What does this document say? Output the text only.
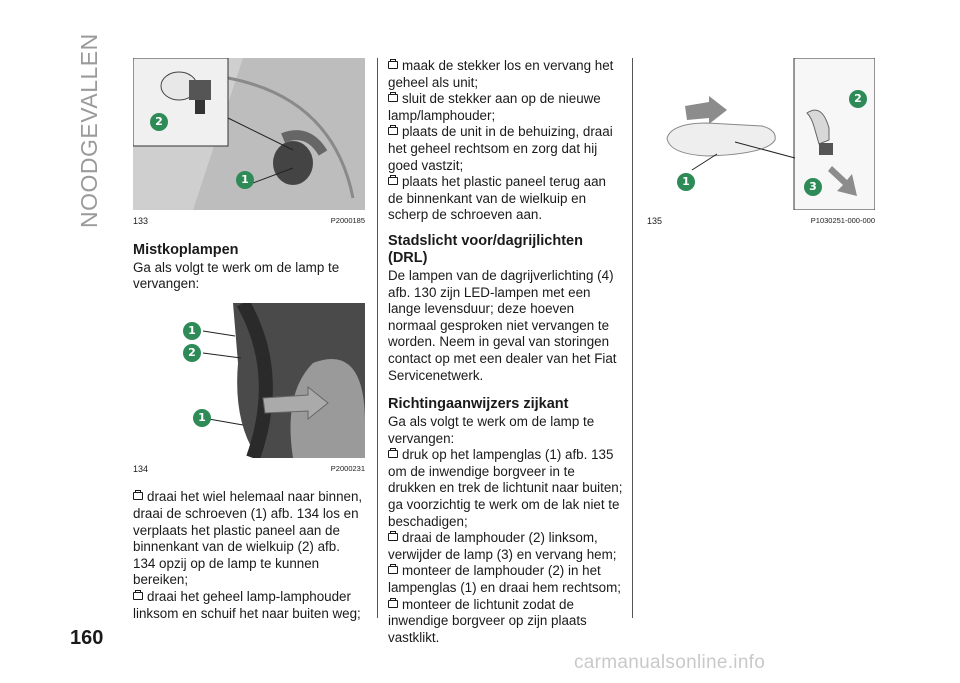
NOODGEVALLEN
160
2
1
133	P2000185
Mistkoplampen

Ga als volgt te werk om de lamp te vervangen:

1
2
1
134	P2000231

draai het wiel helemaal naar binnen, draai de schroeven (1) afb. 134 los en verplaats het plastic paneel aan de binnenkant van de wielkuip (2) afb. 134 opzij op de lamp te kunnen bereiken;

draai het geheel lamp-lamphouder linksom en schuif het naar buiten weg;

maak de stekker los en vervang het geheel als unit;

sluit de stekker aan op de nieuwe lamp/lamphouder;

plaats de unit in de behuizing, draai het geheel rechtsom en zorg dat hij goed vastzit;

plaats het plastic paneel terug aan de binnenkant van de wielkuip en scherp de schroeven aan.

Stadslicht voor/dagrijlichten (DRL)

De lampen van de dagrijverlichting (4) afb. 130 zijn LED-lampen met een lange levensduur; deze hoeven normaal gesproken niet vervangen te worden. Neem in geval van storingen contact op met een dealer van het Fiat Servicenetwerk.

Richtingaanwijzers zijkant

Ga als volgt te werk om de lamp te vervangen:

druk op het lampenglas (1) afb. 135 om de inwendige borgveer in te drukken en trek de lichtunit naar buiten; ga voorzichtig te werk om de lak niet te beschadigen;

draai de lamphouder (2) linksom, verwijder de lamp (3) en vervang hem;

monteer de lamphouder (2) in het lampenglas (1) en draai hem rechtsom;

monteer de lichtunit zodat de inwendige borgveer op zijn plaats vastklikt.

2
1	3
135	P1030251-000-000
carmanualsonline.info
